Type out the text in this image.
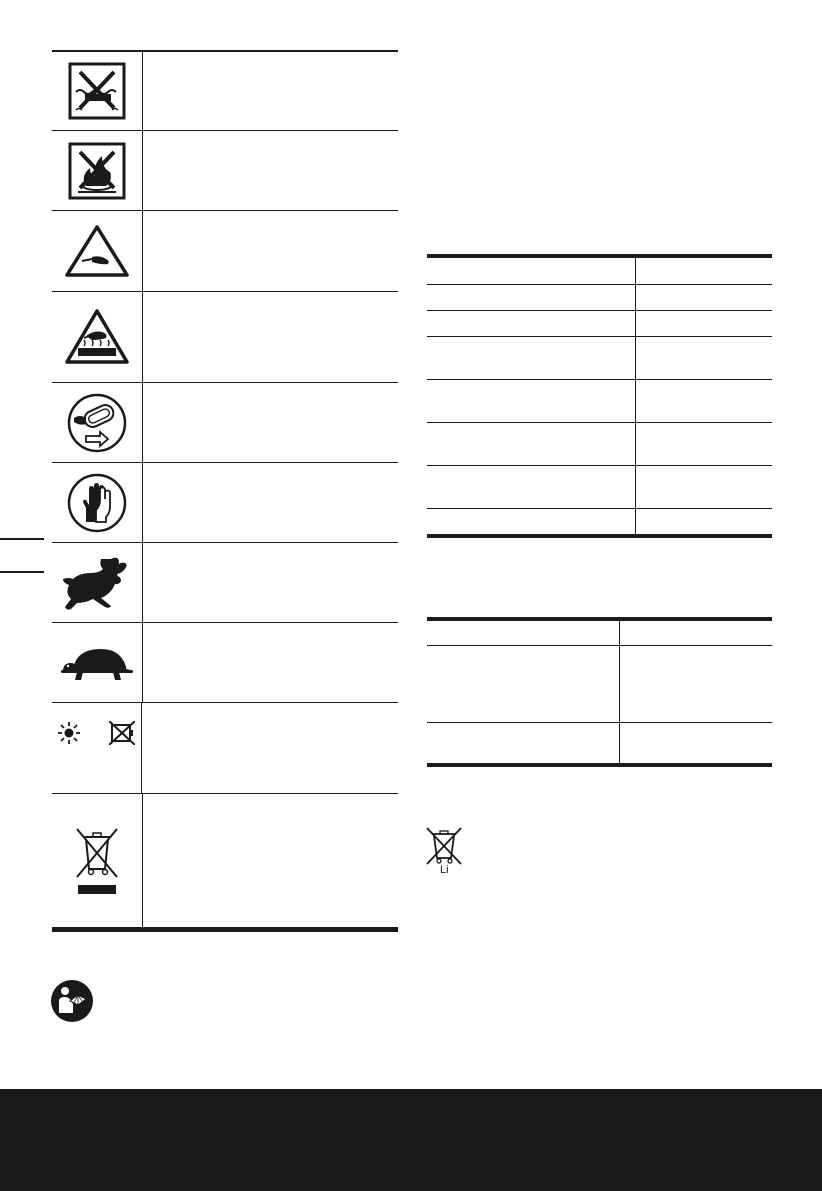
Li
